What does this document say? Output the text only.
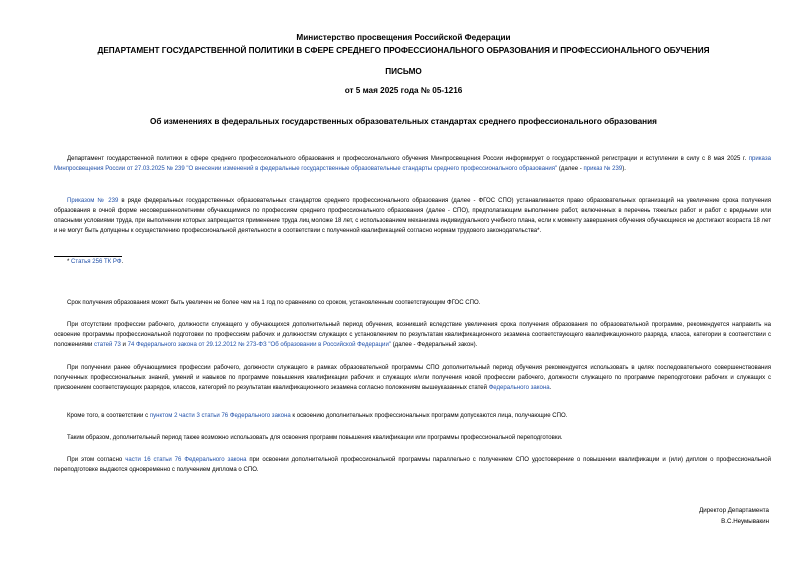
Министерство просвещения Российской Федерации
ДЕПАРТАМЕНТ ГОСУДАРСТВЕННОЙ ПОЛИТИКИ В СФЕРЕ СРЕДНЕГО ПРОФЕССИОНАЛЬНОГО ОБРАЗОВАНИЯ И ПРОФЕССИОНАЛЬНОГО ОБУЧЕНИЯ
ПИСЬМО
от 5 мая 2025 года № 05-1216
Об изменениях в федеральных государственных образовательных стандартах среднего профессионального образования
Департамент государственной политики в сфере среднего профессионального образования и профессионального обучения Минпросвещения России информирует о государственной регистрации и вступлении в силу с 8 мая 2025 г. приказа Минпросвещения России от 27.03.2025 № 239 "О внесении изменений в федеральные государственные образовательные стандарты среднего профессионального образования" (далее - приказ № 239).
Приказом № 239 в ряде федеральных государственных образовательных стандартов среднего профессионального образования (далее - ФГОС СПО) устанавливается право образовательных организаций на увеличение срока получения образования в очной форме несовершеннолетними обучающимися по профессиям среднего профессионального образования (далее - СПО), предполагающим выполнение работ, включенных в перечень тяжелых работ и работ с вредными или опасными условиями труда, при выполнении которых запрещается применение труда лиц моложе 18 лет, с использованием механизма индивидуального учебного плана, если к моменту завершения обучения обучающиеся не достигают возраста 18 лет и не могут быть допущены к осуществлению профессиональной деятельности в соответствии с полученной квалификацией согласно нормам трудового законодательства*.
* Статья 256 ТК РФ.
Срок получения образования может быть увеличен не более чем на 1 год по сравнению со сроком, установленным соответствующим ФГОС СПО.
При отсутствии профессии рабочего, должности служащего у обучающихся дополнительный период обучения, возникший вследствие увеличения срока получения образования по образовательной программе, рекомендуется направить на освоение программы профессиональной подготовки по профессиям рабочих и должностям служащих с установлением по результатам квалификационного экзамена соответствующего квалификационного разряда, класса, категории в соответствии с положениями статей 73 и 74 Федерального закона от 29.12.2012 № 273-ФЗ "Об образовании в Российской Федерации" (далее - Федеральный закон).
При получении ранее обучающимися профессии рабочего, должности служащего в рамках образовательной программы СПО дополнительный период обучения рекомендуется использовать в целях последовательного совершенствования полученных профессиональных знаний, умений и навыков по программе повышения квалификации рабочих и служащих и/или получения новой профессии рабочего, должности служащего по программе переподготовки рабочих и служащих с присвоением соответствующих разрядов, классов, категорий по результатам квалификационного экзамена согласно положениям вышеуказанных статей Федерального закона.
Кроме того, в соответствии с пунктом 2 части 3 статьи 76 Федерального закона к освоению дополнительных профессиональных программ допускаются лица, получающие СПО.
Таким образом, дополнительный период также возможно использовать для освоения программ повышения квалификации или программы профессиональной переподготовки.
При этом согласно части 16 статьи 76 Федерального закона при освоении дополнительной профессиональной программы параллельно с получением СПО удостоверение о повышении квалификации и (или) диплом о профессиональной переподготовке выдаются одновременно с получением диплома о СПО.
Директор Департамента
В.С.Неумывакин
